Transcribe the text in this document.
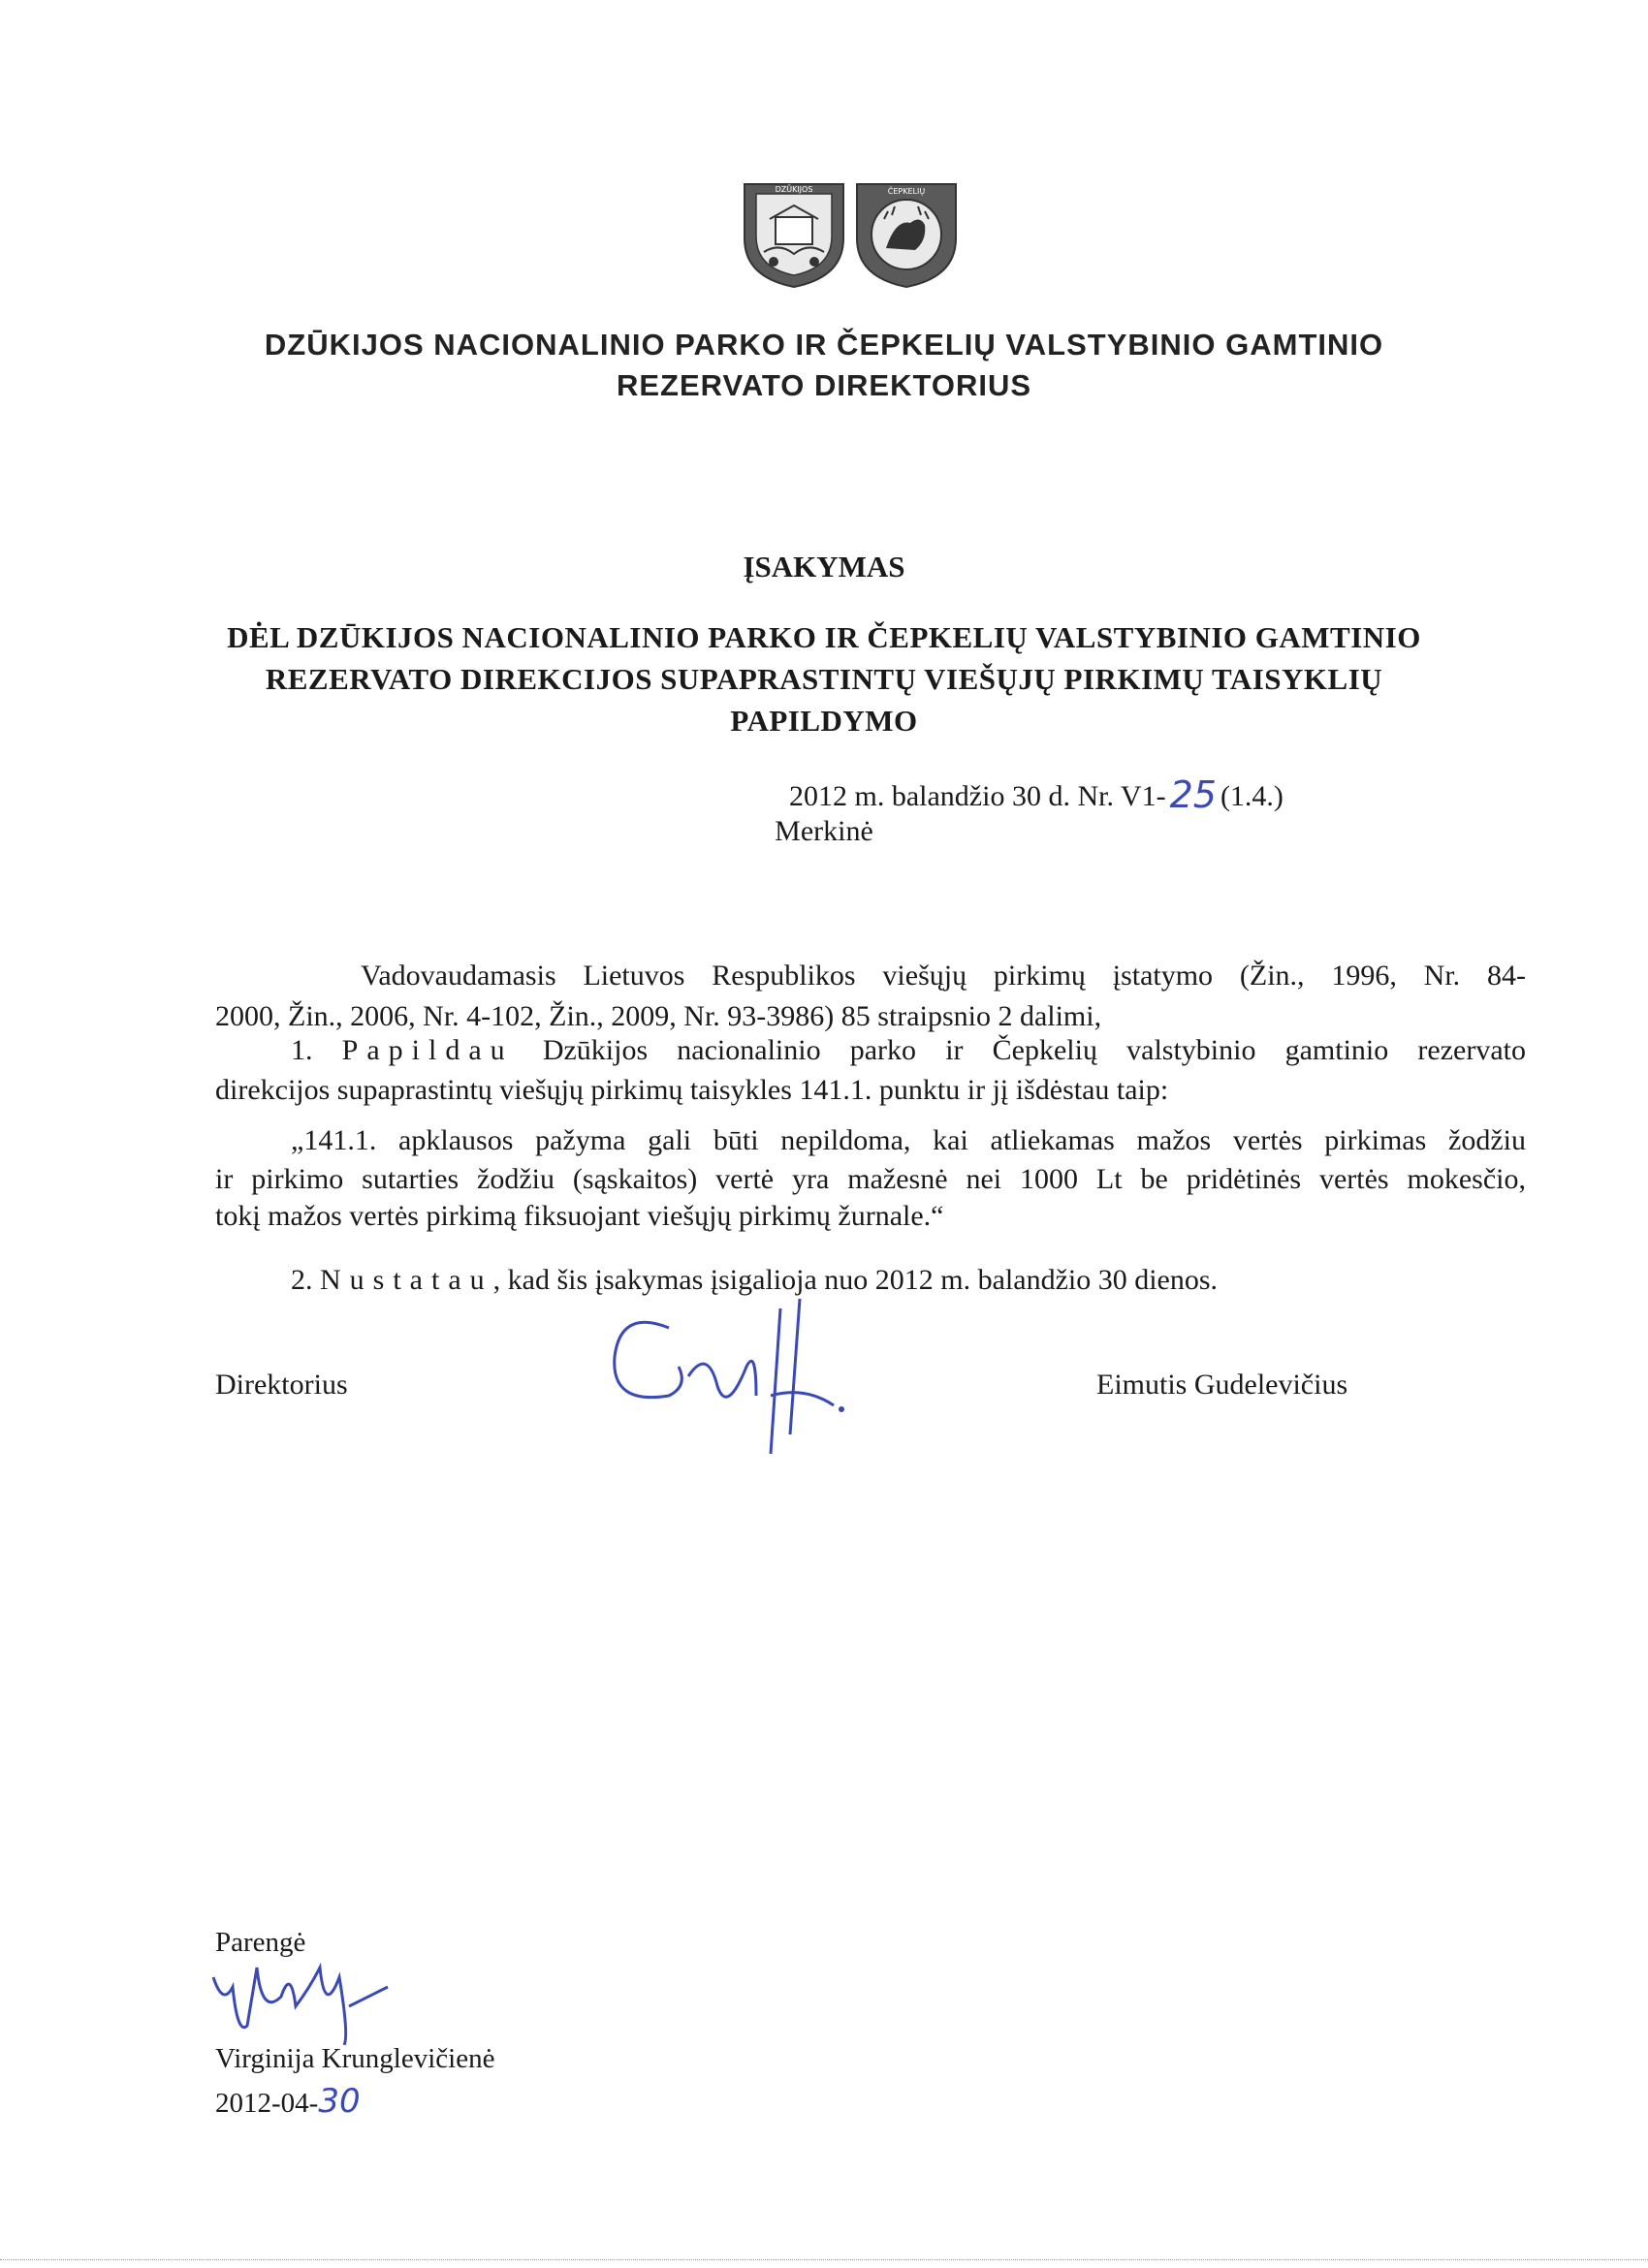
DZŪKIJOS	ČEPKELIŲ
DZŪKIJOS NACIONALINIO PARKO IR ČEPKELIŲ VALSTYBINIO GAMTINIO
REZERVATO DIREKTORIUS
ĮSAKYMAS
DĖL DZŪKIJOS NACIONALINIO PARKO IR ČEPKELIŲ VALSTYBINIO GAMTINIO
REZERVATO DIREKCIJOS SUPAPRASTINTŲ VIEŠŲJŲ PIRKIMŲ TAISYKLIŲ
PAPILDYMO
2012 m. balandžio 30 d. Nr. V1- 25 (1.4.)
Merkinė
Vadovaudamasis Lietuvos Respublikos viešųjų pirkimų įstatymo (Žin., 1996, Nr. 84-
2000, Žin., 2006, Nr. 4-102, Žin., 2009, Nr. 93-3986) 85 straipsnio 2 dalimi,
1. Papildau Dzūkijos nacionalinio parko ir Čepkelių valstybinio gamtinio rezervato
direkcijos supaprastintų viešųjų pirkimų taisykles 141.1. punktu ir jį išdėstau taip:
„141.1. apklausos pažyma gali būti nepildoma, kai atliekamas mažos vertės pirkimas žodžiu
ir pirkimo sutarties žodžiu (sąskaitos) vertė yra mažesnė nei 1000 Lt be pridėtinės vertės mokesčio,
tokį mažos vertės pirkimą fiksuojant viešųjų pirkimų žurnale.“
2. Nustatau, kad šis įsakymas įsigalioja nuo 2012 m. balandžio 30 dienos.
Direktorius	Eimutis Gudelevičius
Parengė
Virginija Krunglevičienė
2012-04-30
